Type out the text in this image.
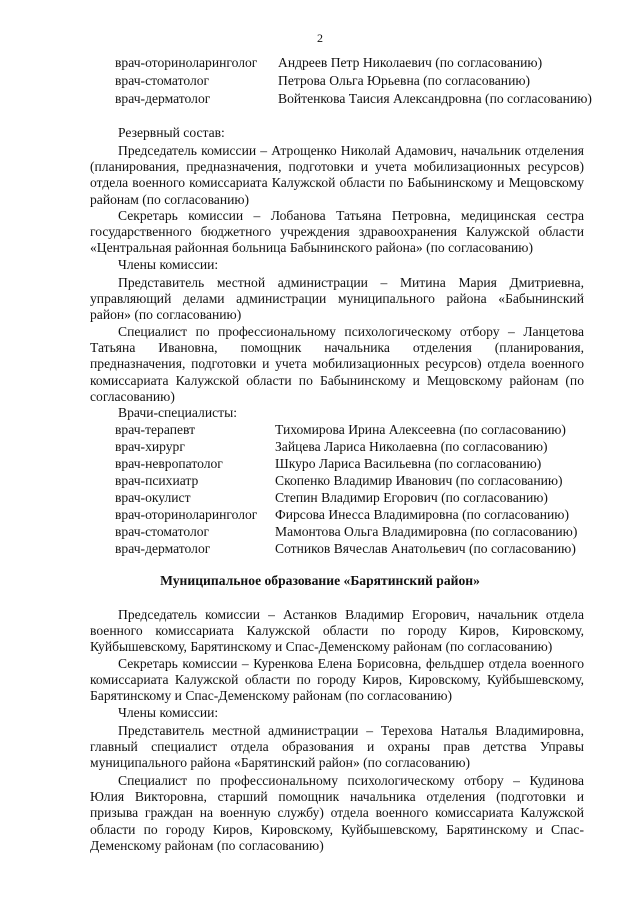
2
врач-оториноларинголог Андреев Петр Николаевич (по согласованию)
врач-стоматолог	Петрова Ольга Юрьевна (по согласованию)
врач-дерматолог	Войтенкова Таисия Александровна (по согласованию)
Резервный состав:
Председатель комиссии – Атрощенко Николай Адамович, начальник отделения (планирования, предназначения, подготовки и учета мобилизационных ресурсов) отдела военного комиссариата Калужской области по Бабынинскому и Мещовскому районам (по согласованию)
Секретарь комиссии – Лобанова Татьяна Петровна, медицинская сестра государственного бюджетного учреждения здравоохранения Калужской области «Центральная районная больница Бабынинского района» (по согласованию)
Члены комиссии:
Представитель местной администрации – Митина Мария Дмитриевна, управляющий делами администрации муниципального района «Бабынинский район» (по согласованию)
Специалист по профессиональному психологическому отбору – Ланцетова Татьяна Ивановна, помощник начальника отделения (планирования, предназначения, подготовки и учета мобилизационных ресурсов) отдела военного комиссариата Калужской области по Бабынинскому и Мещовскому районам (по согласованию)
Врачи-специалисты:
врач-терапевт	Тихомирова Ирина Алексеевна (по согласованию)
врач-хирург	Зайцева Лариса Николаевна (по согласованию)
врач-невропатолог	Шкуро Лариса Васильевна (по согласованию)
врач-психиатр	Скопенко Владимир Иванович (по согласованию)
врач-окулист	Степин Владимир Егорович (по согласованию)
врач-оториноларинголог Фирсова Инесса Владимировна (по согласованию)
врач-стоматолог	Мамонтова Ольга Владимировна (по согласованию)
врач-дерматолог	Сотников Вячеслав Анатольевич (по согласованию)
Муниципальное образование «Барятинский район»
Председатель комиссии – Астанков Владимир Егорович, начальник отдела военного комиссариата Калужской области по городу Киров, Кировскому, Куйбышевскому, Барятинскому и Спас-Деменскому районам (по согласованию)
Секретарь комиссии – Куренкова Елена Борисовна, фельдшер отдела военного комиссариата Калужской области по городу Киров, Кировскому, Куйбышевскому, Барятинскому и Спас-Деменскому районам (по согласованию)
Члены комиссии:
Представитель местной администрации – Терехова Наталья Владимировна, главный специалист отдела образования и охраны прав детства Управы муниципального района «Барятинский район» (по согласованию)
Специалист по профессиональному психологическому отбору – Кудинова Юлия Викторовна, старший помощник начальника отделения (подготовки и призыва граждан на военную службу) отдела военного комиссариата Калужской области по городу Киров, Кировскому, Куйбышевскому, Барятинскому и Спас-Деменскому районам (по согласованию)
